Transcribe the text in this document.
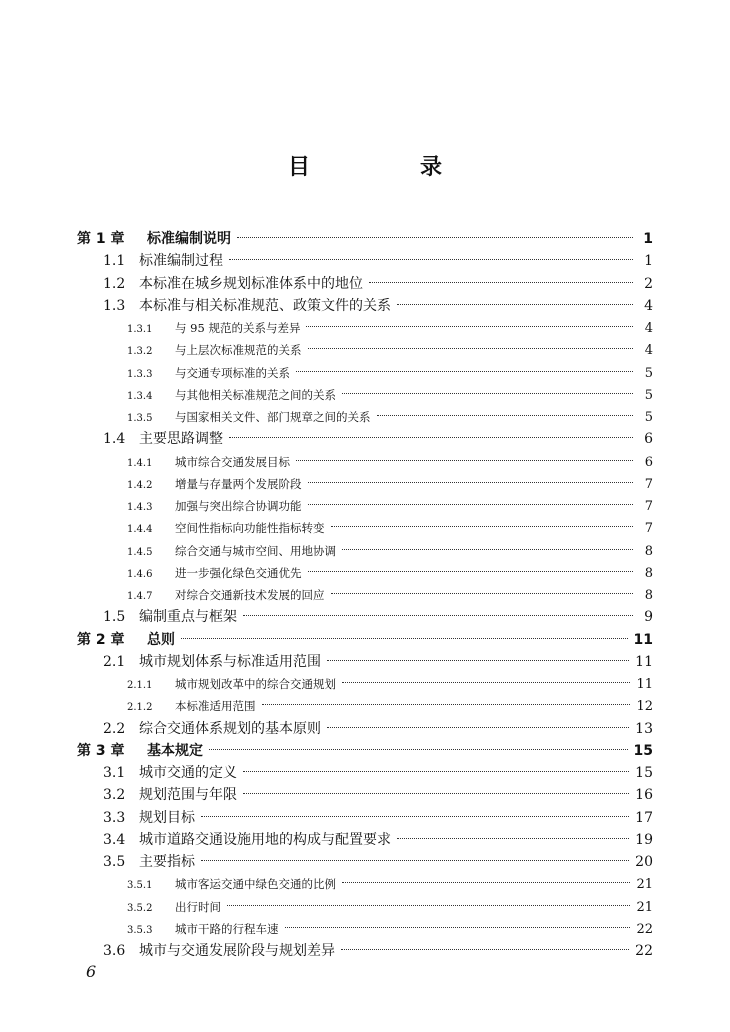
目　录
第 1 章	标准编制说明	1
1.1 标准编制过程	1
1.2 本标准在城乡规划标准体系中的地位	2
1.3 本标准与相关标准规范、政策文件的关系	4
1.3.1	与 95 规范的关系与差异	4
1.3.2	与上层次标准规范的关系	4
1.3.3	与交通专项标准的关系	5
1.3.4	与其他相关标准规范之间的关系	5
1.3.5	与国家相关文件、部门规章之间的关系	5
1.4 主要思路调整	6
1.4.1	城市综合交通发展目标	6
1.4.2	增量与存量两个发展阶段	7
1.4.3	加强与突出综合协调功能	7
1.4.4	空间性指标向功能性指标转变	7
1.4.5	综合交通与城市空间、用地协调	8
1.4.6	进一步强化绿色交通优先	8
1.4.7	对综合交通新技术发展的回应	8
1.5 编制重点与框架	9
第 2 章	总则	11
2.1 城市规划体系与标准适用范围	11
2.1.1	城市规划改革中的综合交通规划	11
2.1.2	本标准适用范围	12
2.2 综合交通体系规划的基本原则	13
第 3 章	基本规定	15
3.1 城市交通的定义	15
3.2 规划范围与年限	16
3.3 规划目标	17
3.4 城市道路交通设施用地的构成与配置要求	19
3.5 主要指标	20
3.5.1	城市客运交通中绿色交通的比例	21
3.5.2	出行时间	21
3.5.3	城市干路的行程车速	22
3.6 城市与交通发展阶段与规划差异	22
6
